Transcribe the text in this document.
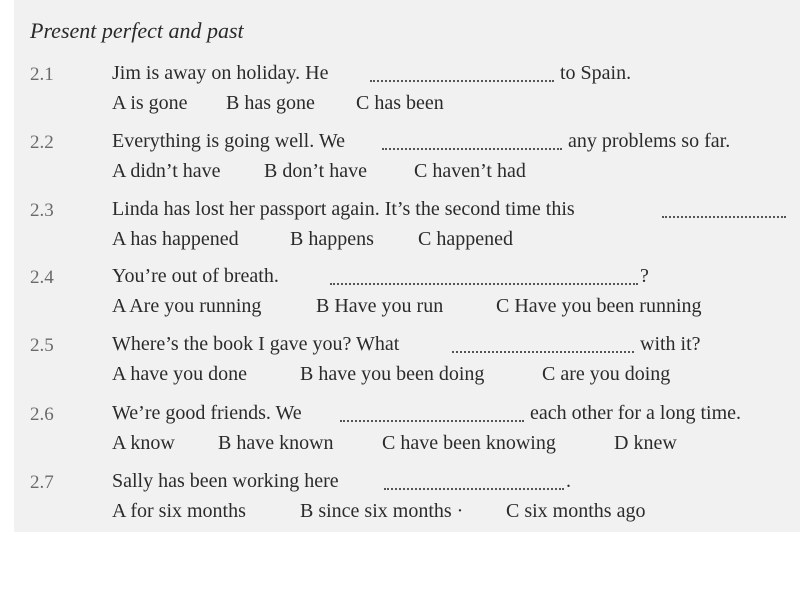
Present perfect and past
2.1	Jim is away on holiday. He	to Spain.
A is gone B has gone C has been
2.2	Everything is going well. We	any problems so far.
A didn’t have B don’t have C haven’t had
2.3	Linda has lost her passport again. It’s the second time this
A has happened	B happens C happened
2.4	You’re out of breath.	?
A Are you running	B Have you run	C Have you been running
2.5	Where’s the book I gave you? What	with it?
A have you done	B have you been doing	C are you doing
2.6	We’re good friends. We	each other for a long time.
A know B have known C have been knowing	D knew
2.7	Sally has been working here	.
A for six months	B since six months · C six months ago
